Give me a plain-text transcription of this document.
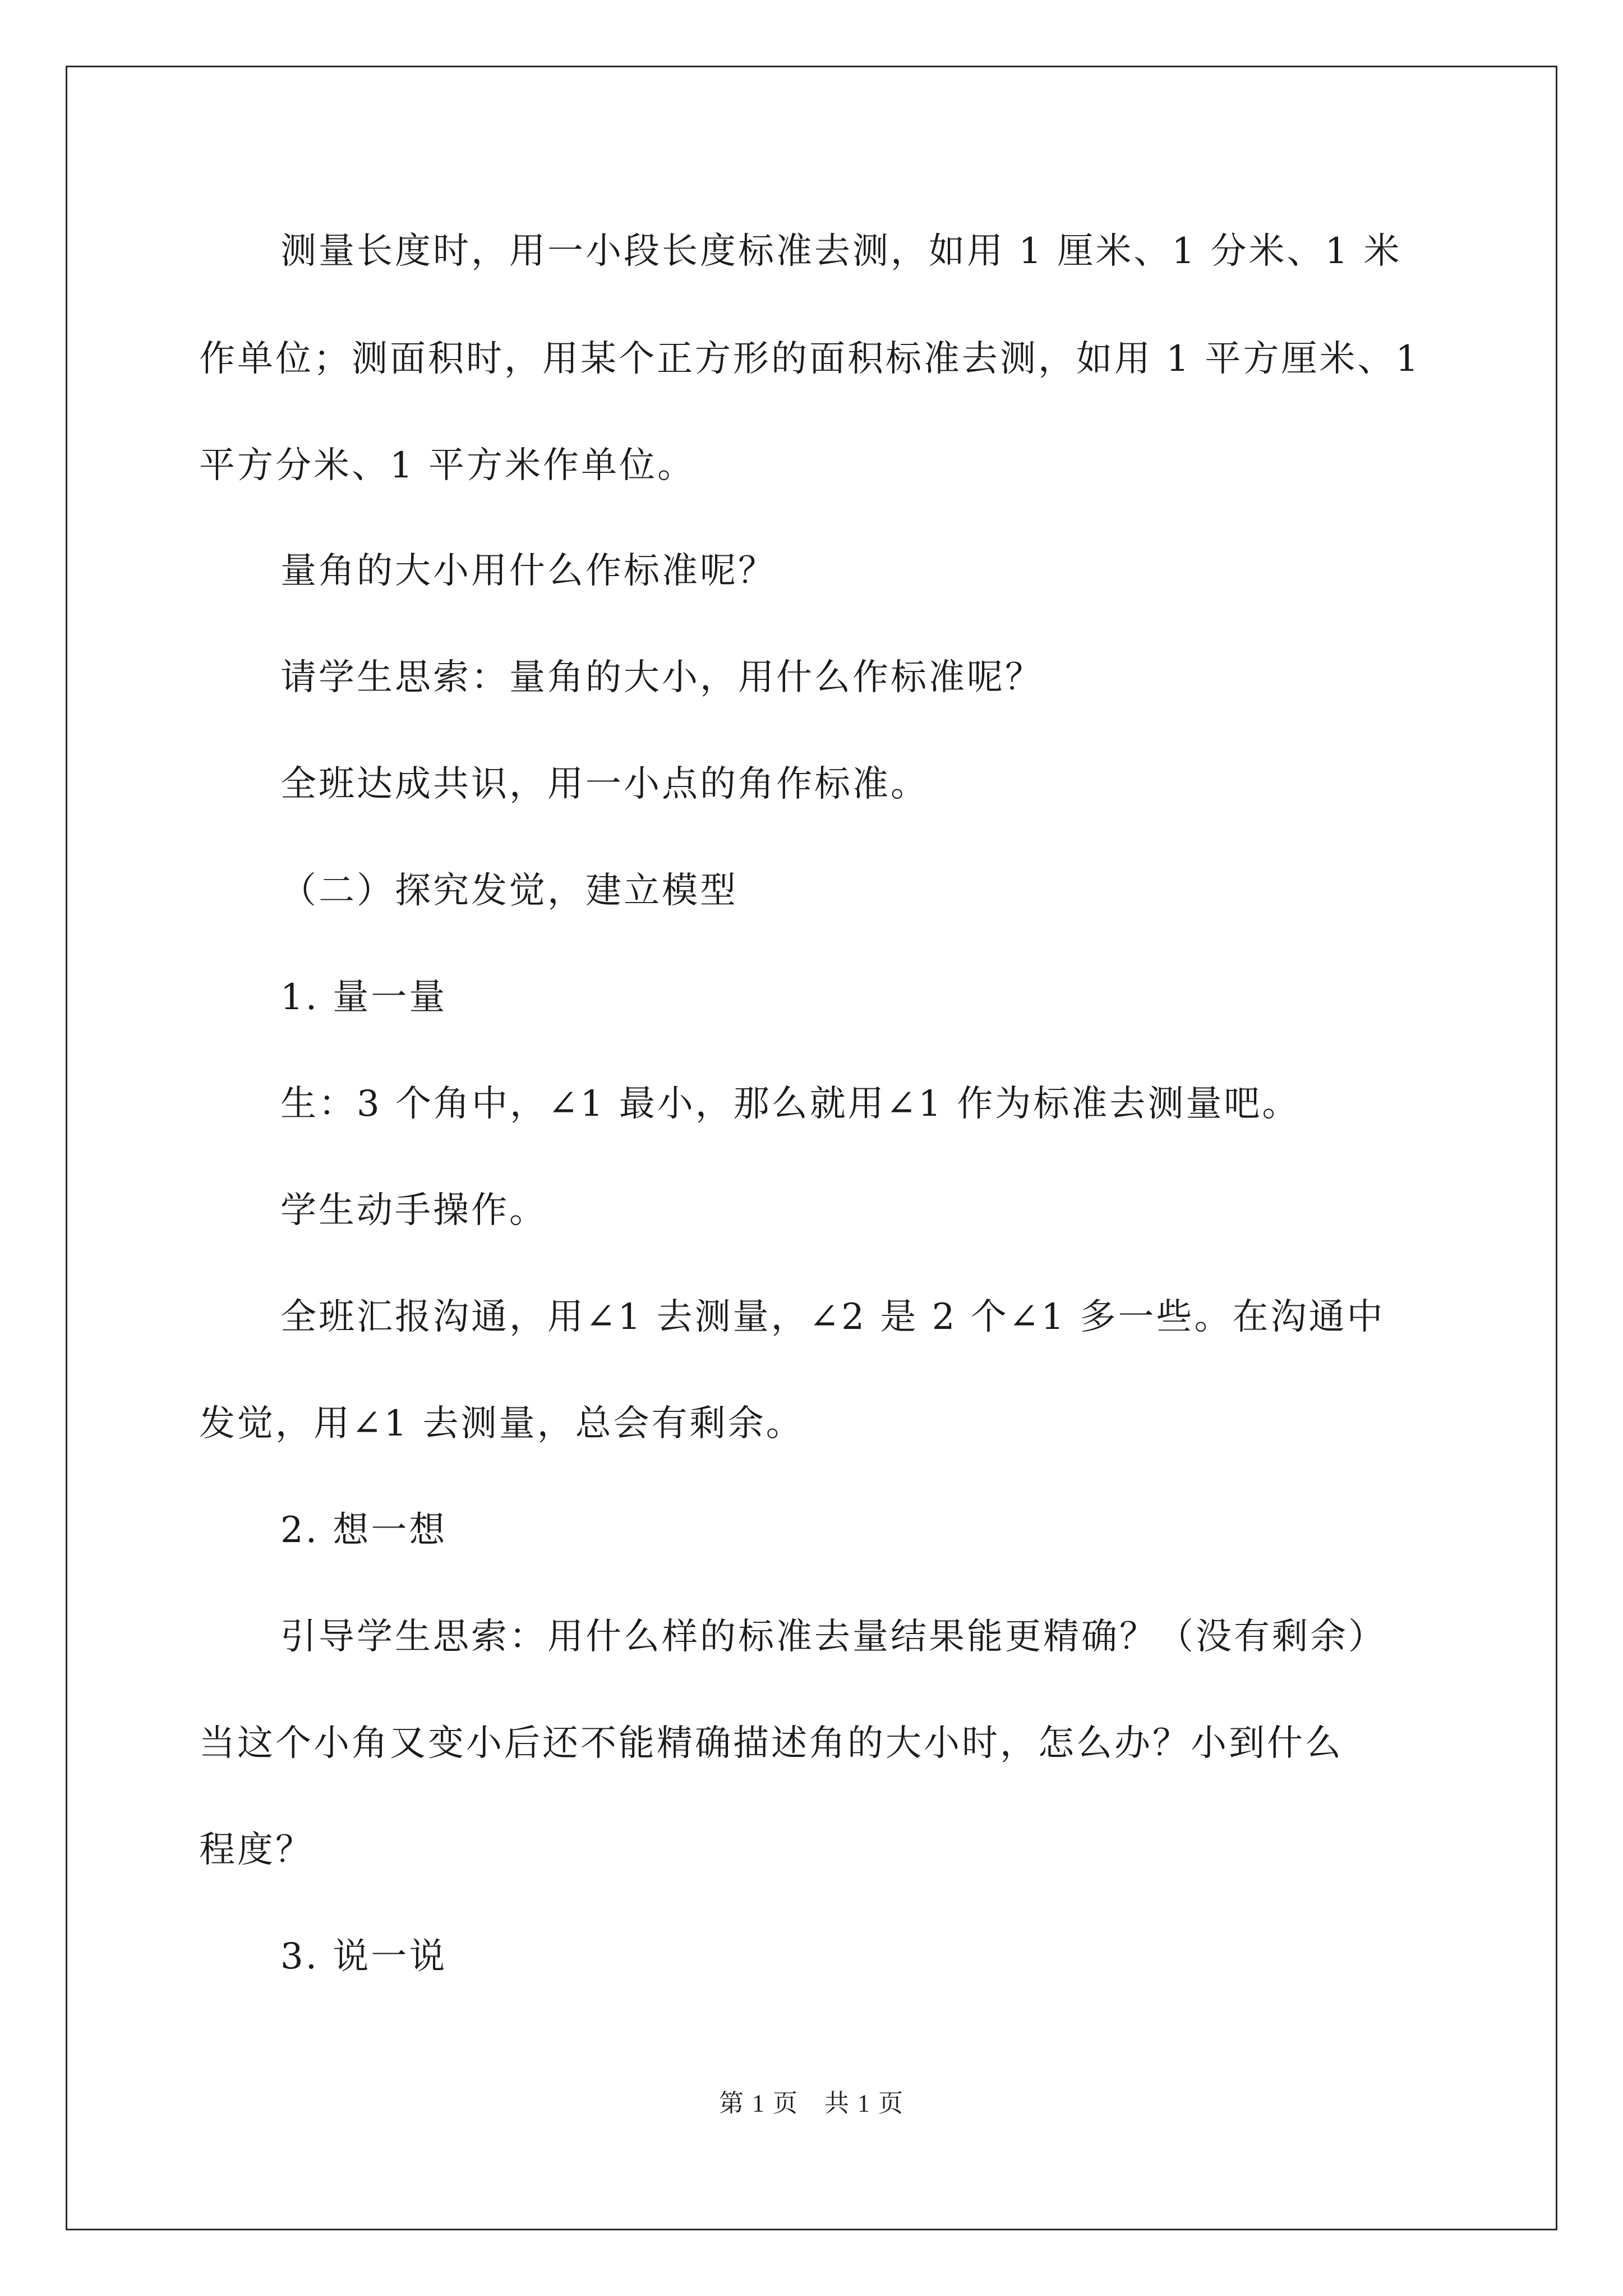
测量长度时，用一小段长度标准去测，如用 1 厘米、1 分米、1 米
作单位；测面积时，用某个正方形的面积标准去测，如用 1 平方厘米、1
平方分米、1 平方米作单位。
量角的大小用什么作标准呢？
请学生思索：量角的大小，用什么作标准呢？
全班达成共识，用一小点的角作标准。
（二）探究发觉，建立模型
1. 量一量
生：3 个角中，∠1 最小，那么就用∠1 作为标准去测量吧。
学生动手操作。
全班汇报沟通，用∠1 去测量，∠2 是 2 个∠1 多一些。在沟通中
发觉，用∠1 去测量，总会有剩余。
2. 想一想
引导学生思索：用什么样的标准去量结果能更精确？（没有剩余）
当这个小角又变小后还不能精确描述角的大小时，怎么办？小到什么
程度？
3. 说一说
第 1 页　共 1 页
